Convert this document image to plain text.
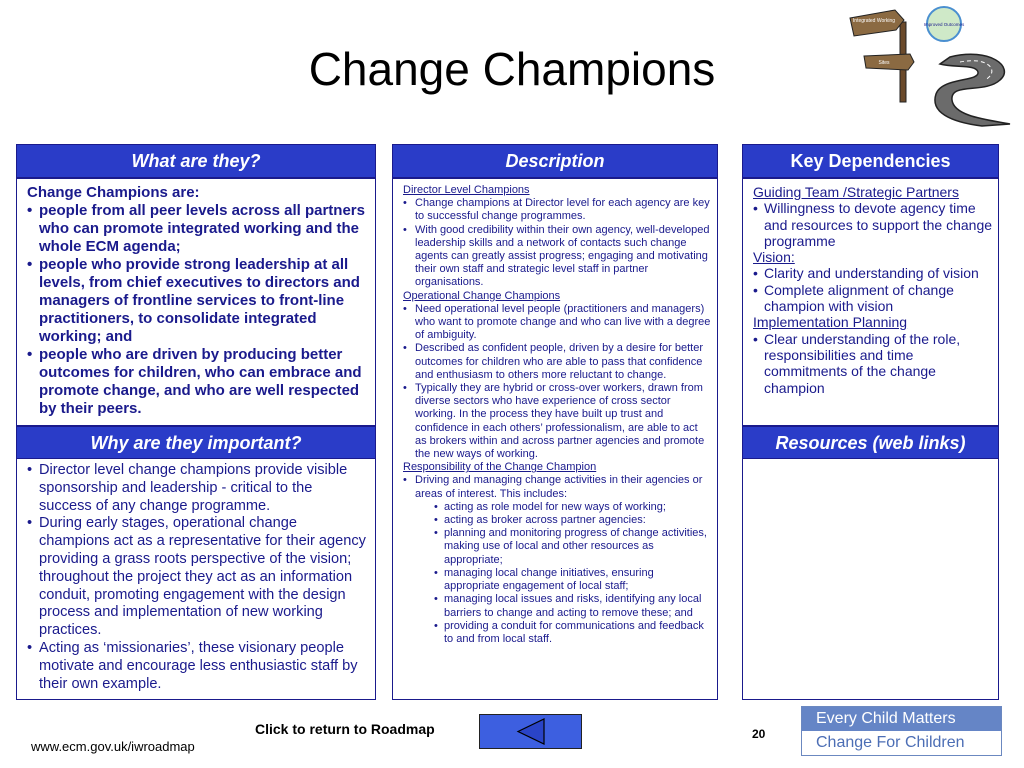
Change Champions
Integrated Working
Improved Outcomes
Sites
What are they?
Change Champions are:
• people from all peer levels across all partners who can promote integrated working and the whole ECM agenda;
• people who provide strong leadership at all levels, from chief executives to directors and managers of frontline services to front-line practitioners, to consolidate integrated working; and
• people who are driven by producing better outcomes for children, who can embrace and promote change, and who are well respected by their peers.
Why are they important?
• Director level change champions provide visible sponsorship and leadership - critical to the success of any change programme.
• During early stages, operational change champions act as a representative for their agency providing a grass roots perspective of the vision; throughout the project they act as an information conduit, promoting engagement with the design process and implementation of new working practices.
• Acting as ‘missionaries’, these visionary people motivate and encourage less enthusiastic staff by their own example.
Description
Director Level Champions
• Change champions at Director level for each agency are key to successful change programmes.
• With good credibility within their own agency, well-developed leadership skills and a network of contacts such change agents can greatly assist progress; engaging and motivating their own staff and strategic level staff in partner organisations.
Operational Change Champions
• Need operational level people (practitioners and managers) who want to promote change and who can live with a degree of ambiguity.
• Described as confident people, driven by a desire for better outcomes for children who are able to pass that confidence and enthusiasm to others more reluctant to change.
• Typically they are hybrid or cross-over workers, drawn from diverse sectors who have experience of cross sector working. In the process they have built up trust and confidence in each others’ professionalism, are able to act as brokers within and across partner agencies and promote the new ways of working.
Responsibility of the Change Champion
• Driving and managing change activities in their agencies or areas of interest. This includes:
• acting as role model for new ways of working;
• acting as broker across partner agencies:
• planning and monitoring progress of change activities, making use of local and other resources as appropriate;
• managing local change initiatives, ensuring appropriate engagement of local staff;
• managing local issues and risks, identifying any local barriers to change and acting to remove these; and
• providing a conduit for communications and feedback to and from local staff.
Key Dependencies
Guiding Team /Strategic Partners
• Willingness to devote agency time and resources to support the change programme
Vision:
• Clarity and understanding of vision
• Complete alignment of change champion with vision
Implementation Planning
• Clear understanding of the role, responsibilities and time commitments of the change champion
Resources (web links)
Click to return to Roadmap
www.ecm.gov.uk/iwroadmap
20
Every Child Matters
Change For Children
